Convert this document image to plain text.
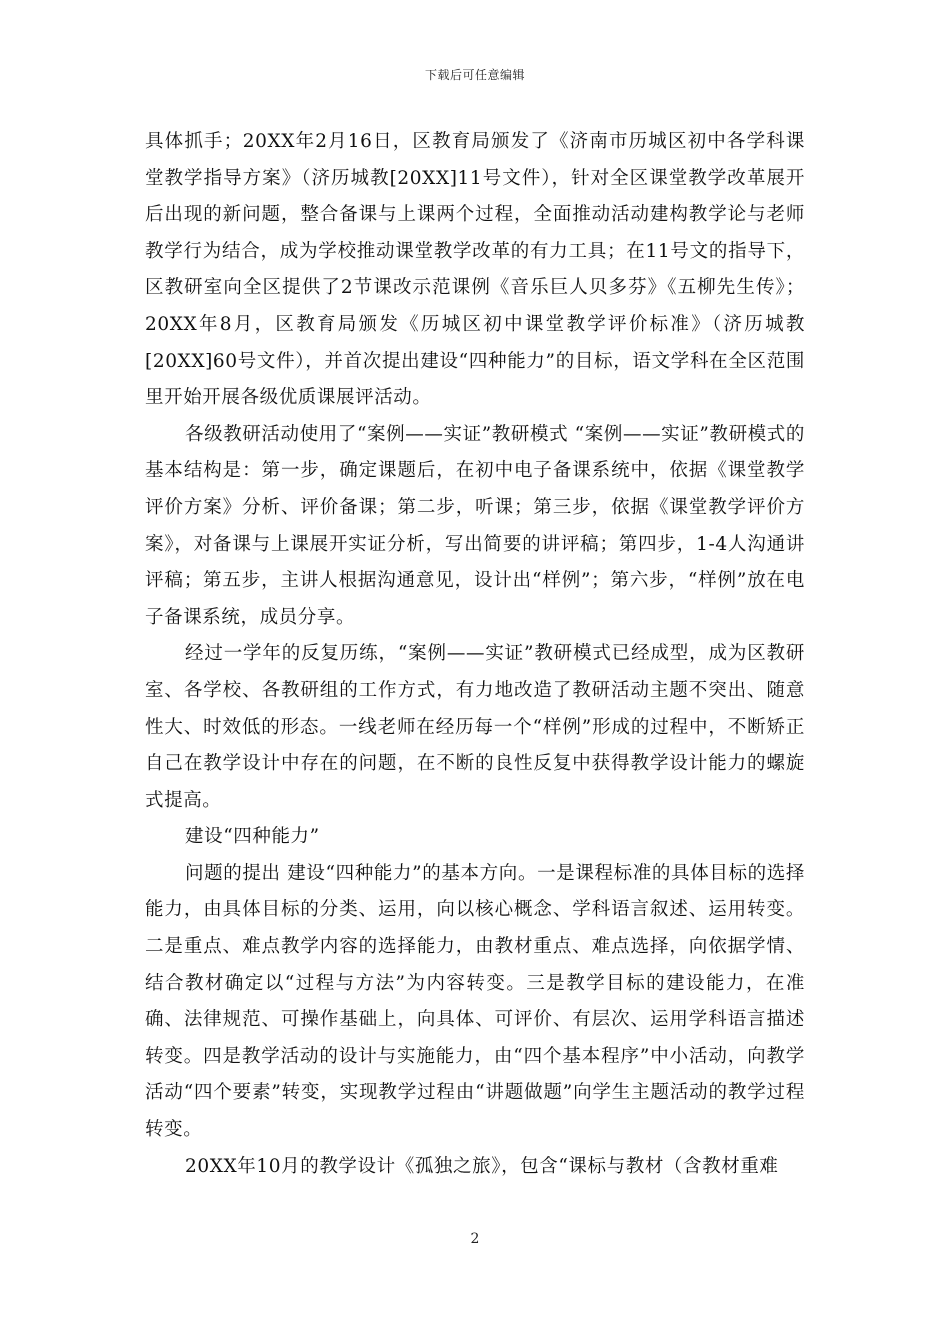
下载后可任意编辑

具体抓手；20XX年2月16日，区教育局颁发了《济南市历城区初中各学科课堂教学指导方案》（济历城教[20XX]11号文件），针对全区课堂教学改革展开后出现的新问题，整合备课与上课两个过程，全面推动活动建构教学论与老师教学行为结合，成为学校推动课堂教学改革的有力工具；在11号文的指导下，区教研室向全区提供了2节课改示范课例《音乐巨人贝多芬》《五柳先生传》；20XX年8月，区教育局颁发《历城区初中课堂教学评价标准》（济历城教[20XX]60号文件），并首次提出建设“四种能力”的目标，语文学科在全区范围里开始开展各级优质课展评活动。

各级教研活动使用了“案例——实证”教研模式 “案例——实证”教研模式的基本结构是：第一步，确定课题后，在初中电子备课系统中，依据《课堂教学评价方案》分析、评价备课；第二步，听课；第三步，依据《课堂教学评价方案》，对备课与上课展开实证分析，写出简要的讲评稿；第四步，1-4人沟通讲评稿；第五步，主讲人根据沟通意见，设计出“样例”；第六步，“样例”放在电子备课系统，成员分享。

经过一学年的反复历练，“案例——实证”教研模式已经成型，成为区教研室、各学校、各教研组的工作方式，有力地改造了教研活动主题不突出、随意性大、时效低的形态。一线老师在经历每一个“样例”形成的过程中，不断矫正自己在教学设计中存在的问题，在不断的良性反复中获得教学设计能力的螺旋式提高。

建设“四种能力”

问题的提出 建设“四种能力”的基本方向。一是课程标准的具体目标的选择能力，由具体目标的分类、运用，向以核心概念、学科语言叙述、运用转变。二是重点、难点教学内容的选择能力，由教材重点、难点选择，向依据学情、结合教材确定以“过程与方法”为内容转变。三是教学目标的建设能力，在准确、法律规范、可操作基础上，向具体、可评价、有层次、运用学科语言描述转变。四是教学活动的设计与实施能力，由“四个基本程序”中小活动，向教学活动“四个要素”转变，实现教学过程由“讲题做题”向学生主题活动的教学过程转变。

20XX年10月的教学设计《孤独之旅》，包含“课标与教材（含教材重难

2
